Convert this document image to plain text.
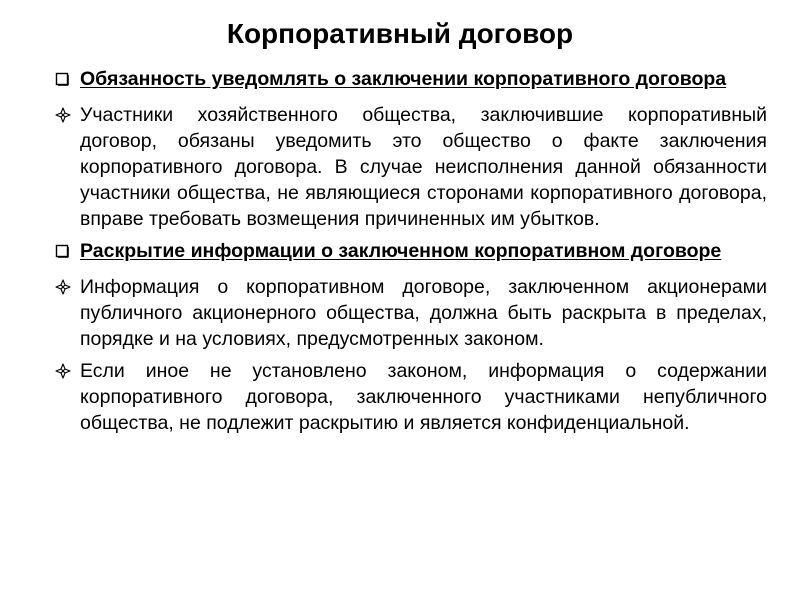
Корпоративный договор
Обязанность уведомлять о заключении корпоративного договора
Участники хозяйственного общества, заключившие корпоративный договор, обязаны уведомить это общество о факте заключения корпоративного договора. В случае неисполнения данной обязанности участники общества, не являющиеся сторонами корпоративного договора, вправе требовать возмещения причиненных им убытков.
Раскрытие информации о заключенном корпоративном договоре
Информация о корпоративном договоре, заключенном акционерами публичного акционерного общества, должна быть раскрыта в пределах, порядке и на условиях, предусмотренных законом.
Если иное не установлено законом, информация о содержании корпоративного договора, заключенного участниками непубличного общества, не подлежит раскрытию и является конфиденциальной.
